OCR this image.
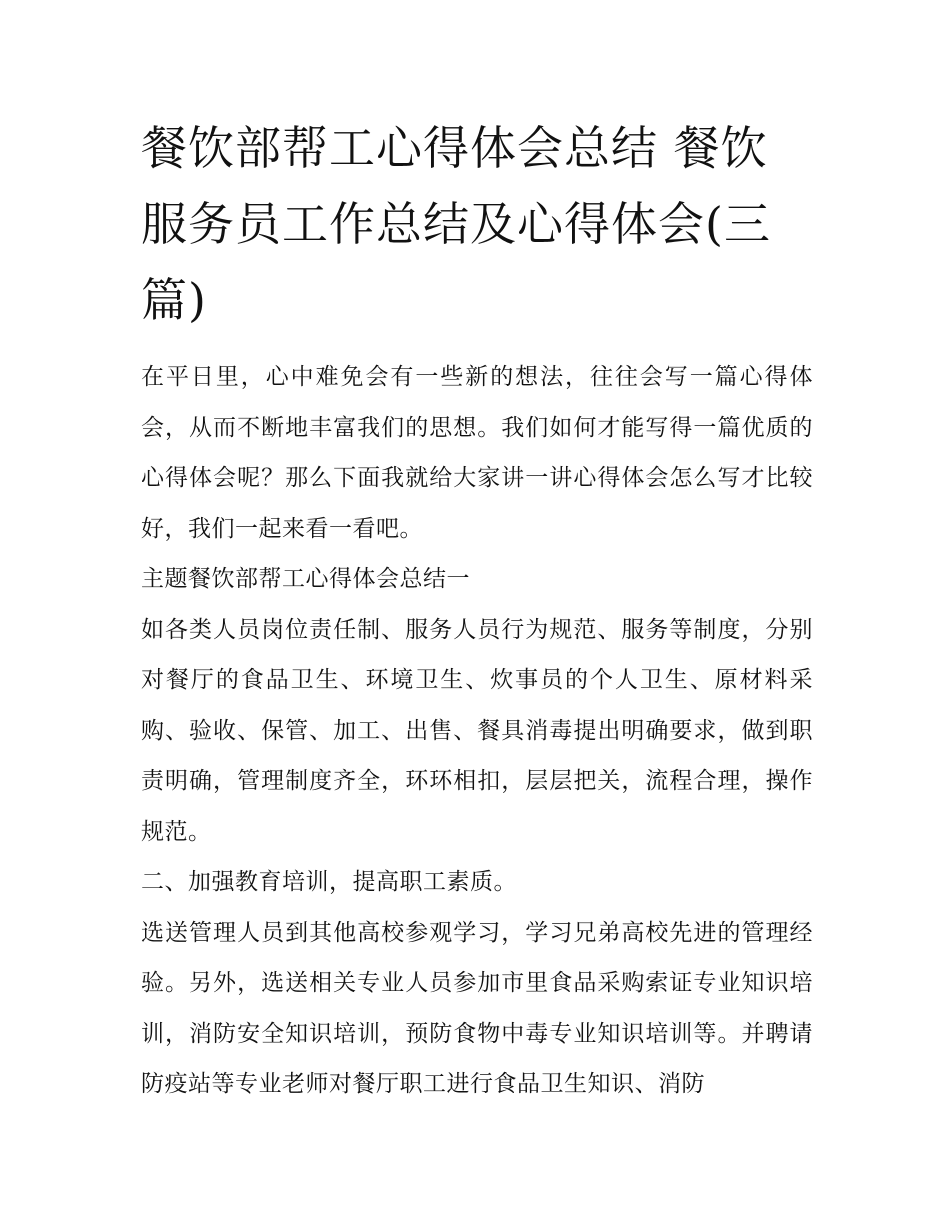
餐饮部帮工心得体会总结 餐饮服务员工作总结及心得体会(三篇)

在平日里，心中难免会有一些新的想法，往往会写一篇心得体会，从而不断地丰富我们的思想。我们如何才能写得一篇优质的心得体会呢？那么下面我就给大家讲一讲心得体会怎么写才比较好，我们一起来看一看吧。

主题餐饮部帮工心得体会总结一

如各类人员岗位责任制、服务人员行为规范、服务等制度，分别对餐厅的食品卫生、环境卫生、炊事员的个人卫生、原材料采购、验收、保管、加工、出售、餐具消毒提出明确要求，做到职责明确，管理制度齐全，环环相扣，层层把关，流程合理，操作规范。

二、加强教育培训，提高职工素质。

选送管理人员到其他高校参观学习，学习兄弟高校先进的管理经验。另外，选送相关专业人员参加市里食品采购索证专业知识培训，消防安全知识培训，预防食物中毒专业知识培训等。并聘请防疫站等专业老师对餐厅职工进行食品卫生知识、消防
